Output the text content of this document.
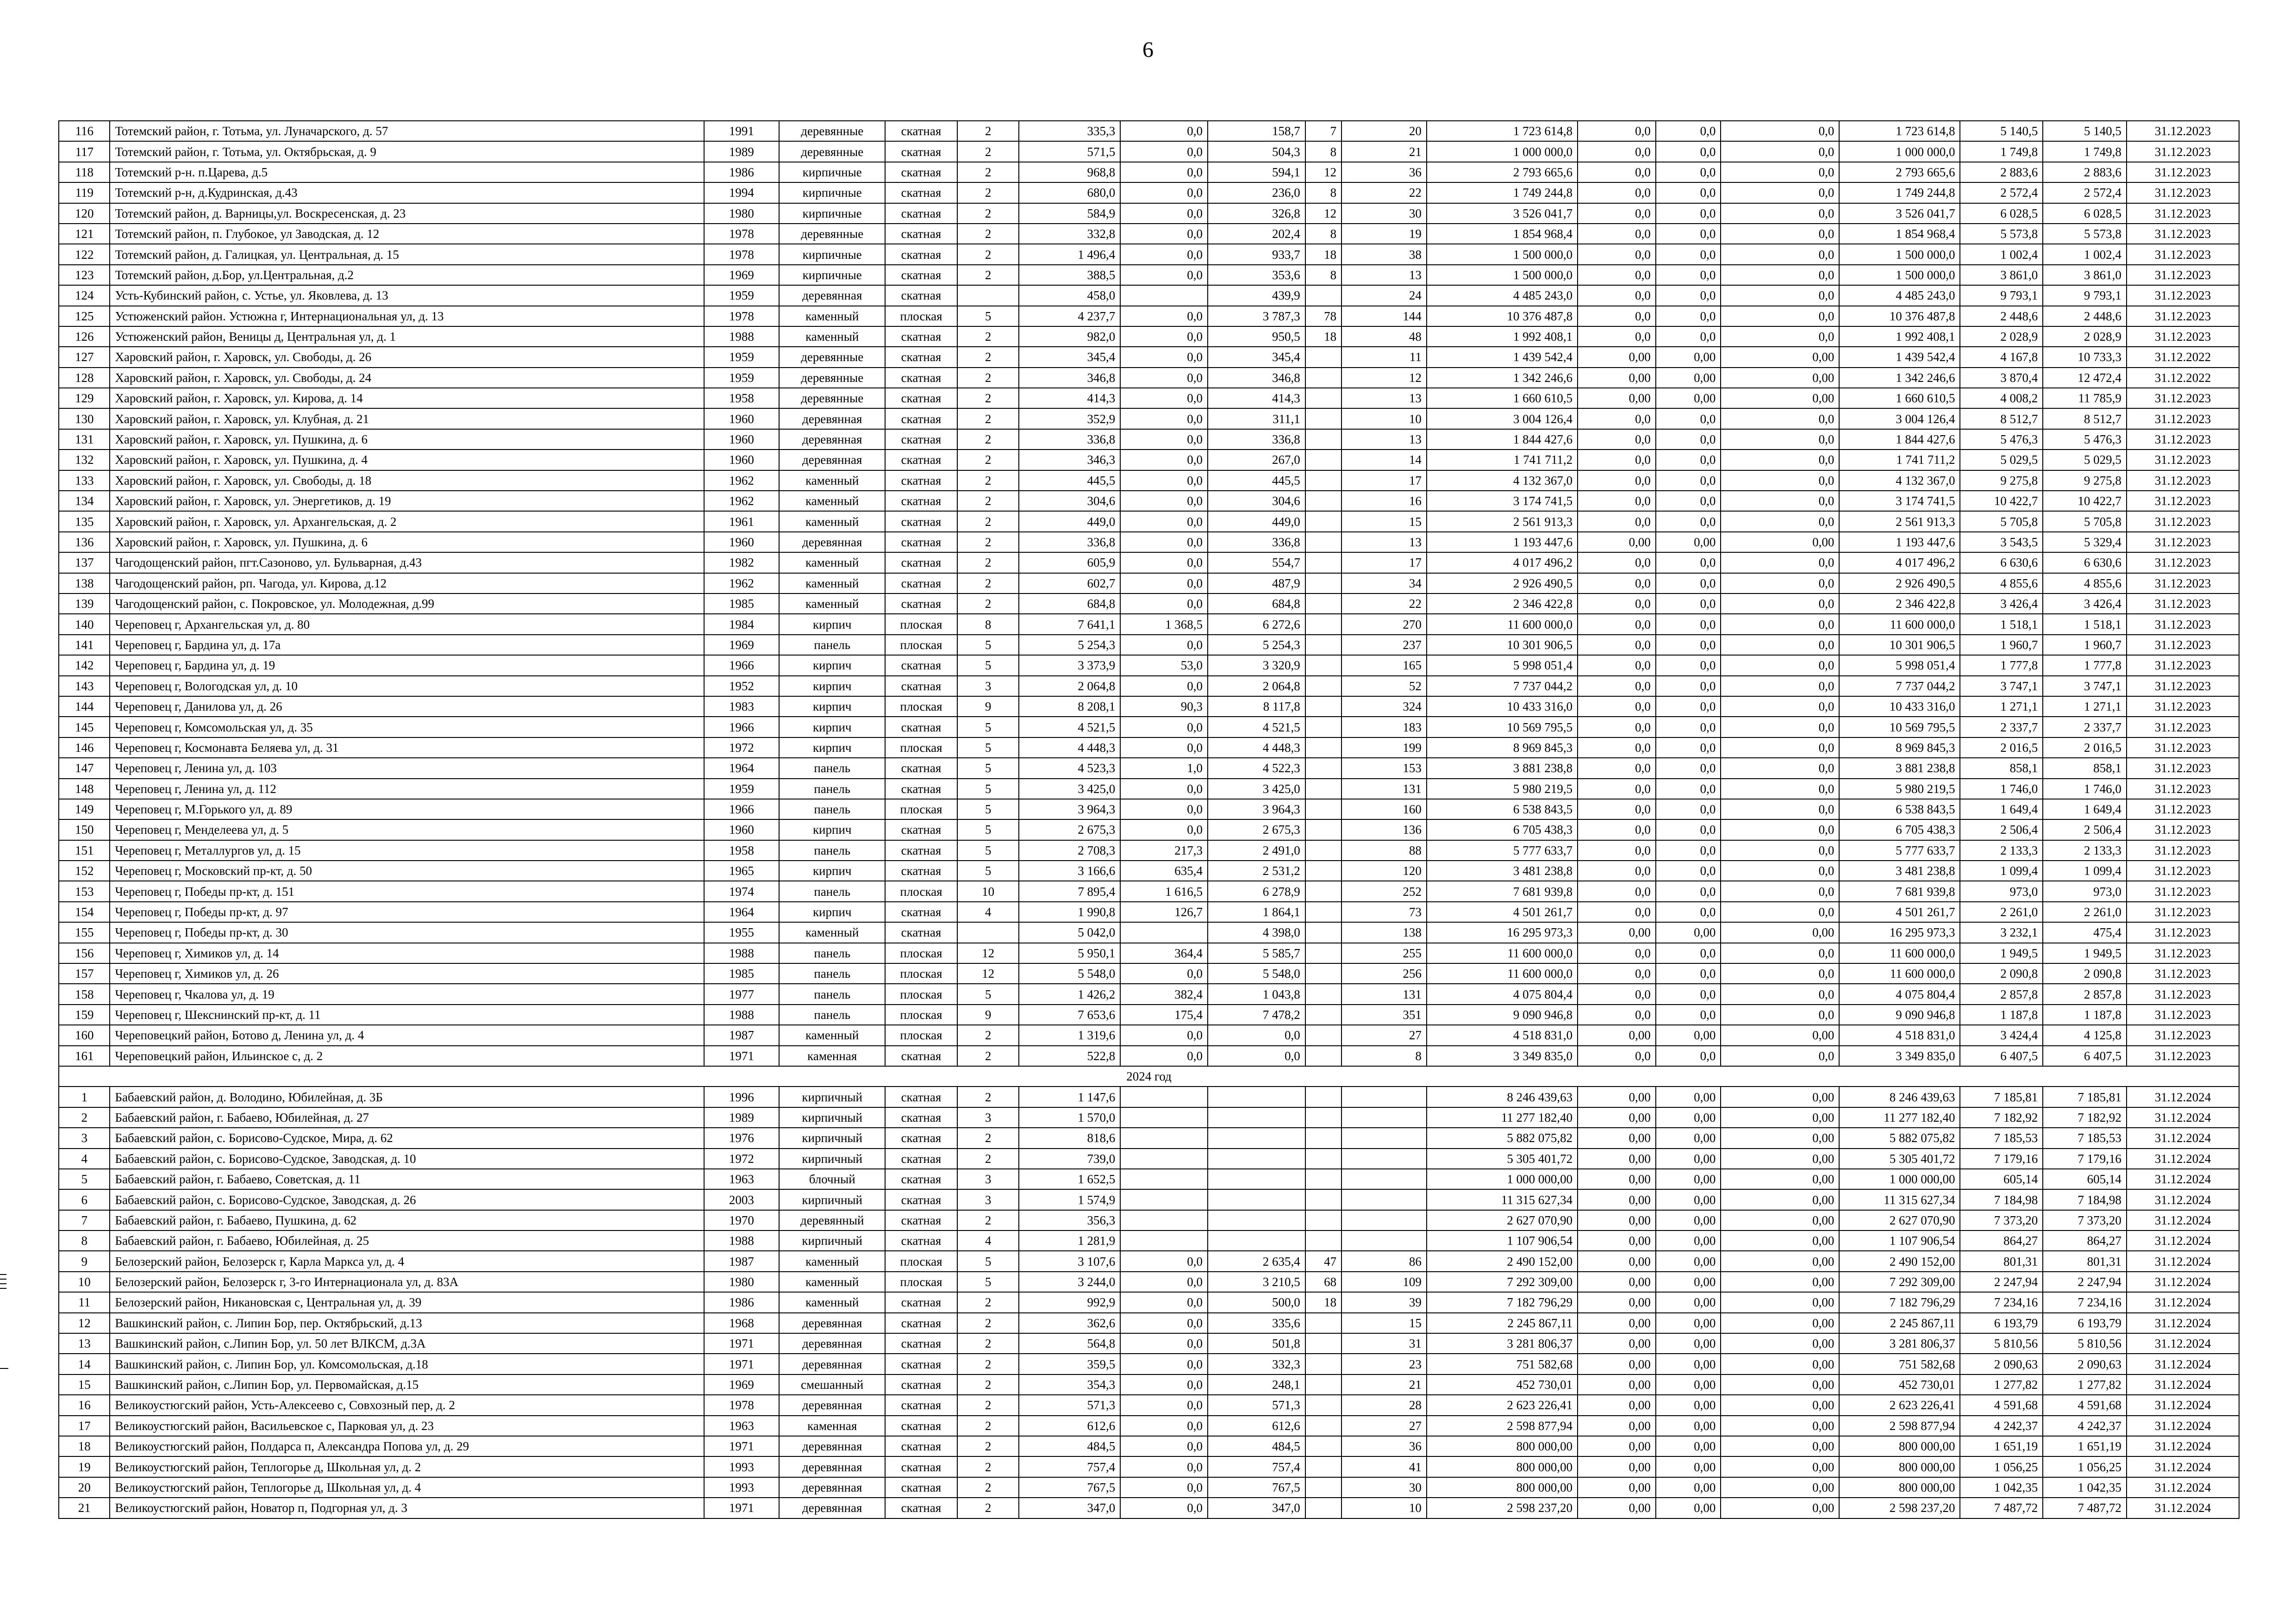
6
116	Тотемский район, г. Тотьма, ул. Луначарского, д. 57	1991	деревянные	скатная	2	335,3	0,0	158,7	7	20	1 723 614,8	0,0	0,0	0,0	1 723 614,8	5 140,5	5 140,5	31.12.2023
117	Тотемский район, г. Тотьма, ул. Октябрьская, д. 9	1989	деревянные	скатная	2	571,5	0,0	504,3	8	21	1 000 000,0	0,0	0,0	0,0	1 000 000,0	1 749,8	1 749,8	31.12.2023
118	Тотемский р-н. п.Царева, д.5	1986	кирпичные	скатная	2	968,8	0,0	594,1	12	36	2 793 665,6	0,0	0,0	0,0	2 793 665,6	2 883,6	2 883,6	31.12.2023
119	Тотемский р-н, д.Кудринская, д.43	1994	кирпичные	скатная	2	680,0	0,0	236,0	8	22	1 749 244,8	0,0	0,0	0,0	1 749 244,8	2 572,4	2 572,4	31.12.2023
120	Тотемский район, д. Варницы,ул. Воскресенская, д. 23	1980	кирпичные	скатная	2	584,9	0,0	326,8	12	30	3 526 041,7	0,0	0,0	0,0	3 526 041,7	6 028,5	6 028,5	31.12.2023
121	Тотемский район, п. Глубокое, ул Заводская, д. 12	1978	деревянные	скатная	2	332,8	0,0	202,4	8	19	1 854 968,4	0,0	0,0	0,0	1 854 968,4	5 573,8	5 573,8	31.12.2023
122	Тотемский район, д. Галицкая, ул. Центральная, д. 15	1978	кирпичные	скатная	2	1 496,4	0,0	933,7	18	38	1 500 000,0	0,0	0,0	0,0	1 500 000,0	1 002,4	1 002,4	31.12.2023
123	Тотемский район, д.Бор, ул.Центральная, д.2	1969	кирпичные	скатная	2	388,5	0,0	353,6	8	13	1 500 000,0	0,0	0,0	0,0	1 500 000,0	3 861,0	3 861,0	31.12.2023
124	Усть-Кубинский район, с. Устье, ул. Яковлева, д. 13	1959	деревянная	скатная		458,0		439,9		24	4 485 243,0	0,0	0,0	0,0	4 485 243,0	9 793,1	9 793,1	31.12.2023
125	Устюженский район. Устюжна г, Интернациональная ул, д. 13	1978	каменный	плоская	5	4 237,7	0,0	3 787,3	78	144	10 376 487,8	0,0	0,0	0,0	10 376 487,8	2 448,6	2 448,6	31.12.2023
126	Устюженский район, Веницы д, Центральная ул, д. 1	1988	каменный	скатная	2	982,0	0,0	950,5	18	48	1 992 408,1	0,0	0,0	0,0	1 992 408,1	2 028,9	2 028,9	31.12.2023
127	Харовский район, г. Харовск, ул. Свободы, д. 26	1959	деревянные	скатная	2	345,4	0,0	345,4		11	1 439 542,4	0,00	0,00	0,00	1 439 542,4	4 167,8	10 733,3	31.12.2022
128	Харовский район, г. Харовск, ул. Свободы, д. 24	1959	деревянные	скатная	2	346,8	0,0	346,8		12	1 342 246,6	0,00	0,00	0,00	1 342 246,6	3 870,4	12 472,4	31.12.2022
129	Харовский район, г. Харовск, ул. Кирова, д. 14	1958	деревянные	скатная	2	414,3	0,0	414,3		13	1 660 610,5	0,00	0,00	0,00	1 660 610,5	4 008,2	11 785,9	31.12.2023
130	Харовский район, г. Харовск, ул. Клубная, д. 21	1960	деревянная	скатная	2	352,9	0,0	311,1		10	3 004 126,4	0,0	0,0	0,0	3 004 126,4	8 512,7	8 512,7	31.12.2023
131	Харовский район, г. Харовск, ул. Пушкина, д. 6	1960	деревянная	скатная	2	336,8	0,0	336,8		13	1 844 427,6	0,0	0,0	0,0	1 844 427,6	5 476,3	5 476,3	31.12.2023
132	Харовский район, г. Харовск, ул. Пушкина, д. 4	1960	деревянная	скатная	2	346,3	0,0	267,0		14	1 741 711,2	0,0	0,0	0,0	1 741 711,2	5 029,5	5 029,5	31.12.2023
133	Харовский район, г. Харовск, ул. Свободы, д. 18	1962	каменный	скатная	2	445,5	0,0	445,5		17	4 132 367,0	0,0	0,0	0,0	4 132 367,0	9 275,8	9 275,8	31.12.2023
134	Харовский район, г. Харовск, ул. Энергетиков, д. 19	1962	каменный	скатная	2	304,6	0,0	304,6		16	3 174 741,5	0,0	0,0	0,0	3 174 741,5	10 422,7	10 422,7	31.12.2023
135	Харовский район, г. Харовск, ул. Архангельская, д. 2	1961	каменный	скатная	2	449,0	0,0	449,0		15	2 561 913,3	0,0	0,0	0,0	2 561 913,3	5 705,8	5 705,8	31.12.2023
136	Харовский район, г. Харовск, ул. Пушкина, д. 6	1960	деревянная	скатная	2	336,8	0,0	336,8		13	1 193 447,6	0,00	0,00	0,00	1 193 447,6	3 543,5	5 329,4	31.12.2023
137	Чагодощенский район, пгт.Сазоново, ул. Бульварная, д.43	1982	каменный	скатная	2	605,9	0,0	554,7		17	4 017 496,2	0,0	0,0	0,0	4 017 496,2	6 630,6	6 630,6	31.12.2023
138	Чагодощенский район, рп. Чагода, ул. Кирова, д.12	1962	каменный	скатная	2	602,7	0,0	487,9		34	2 926 490,5	0,0	0,0	0,0	2 926 490,5	4 855,6	4 855,6	31.12.2023
139	Чагодощенский район, с. Покровское, ул. Молодежная, д.99	1985	каменный	скатная	2	684,8	0,0	684,8		22	2 346 422,8	0,0	0,0	0,0	2 346 422,8	3 426,4	3 426,4	31.12.2023
140	Череповец г, Архангельская ул, д. 80	1984	кирпич	плоская	8	7 641,1	1 368,5	6 272,6		270	11 600 000,0	0,0	0,0	0,0	11 600 000,0	1 518,1	1 518,1	31.12.2023
141	Череповец г, Бардина ул, д. 17а	1969	панель	плоская	5	5 254,3	0,0	5 254,3		237	10 301 906,5	0,0	0,0	0,0	10 301 906,5	1 960,7	1 960,7	31.12.2023
142	Череповец г, Бардина ул, д. 19	1966	кирпич	скатная	5	3 373,9	53,0	3 320,9		165	5 998 051,4	0,0	0,0	0,0	5 998 051,4	1 777,8	1 777,8	31.12.2023
143	Череповец г, Вологодская ул, д. 10	1952	кирпич	скатная	3	2 064,8	0,0	2 064,8		52	7 737 044,2	0,0	0,0	0,0	7 737 044,2	3 747,1	3 747,1	31.12.2023
144	Череповец г, Данилова ул, д. 26	1983	кирпич	плоская	9	8 208,1	90,3	8 117,8		324	10 433 316,0	0,0	0,0	0,0	10 433 316,0	1 271,1	1 271,1	31.12.2023
145	Череповец г, Комсомольская ул, д. 35	1966	кирпич	скатная	5	4 521,5	0,0	4 521,5		183	10 569 795,5	0,0	0,0	0,0	10 569 795,5	2 337,7	2 337,7	31.12.2023
146	Череповец г, Космонавта Беляева ул, д. 31	1972	кирпич	плоская	5	4 448,3	0,0	4 448,3		199	8 969 845,3	0,0	0,0	0,0	8 969 845,3	2 016,5	2 016,5	31.12.2023
147	Череповец г, Ленина ул, д. 103	1964	панель	скатная	5	4 523,3	1,0	4 522,3		153	3 881 238,8	0,0	0,0	0,0	3 881 238,8	858,1	858,1	31.12.2023
148	Череповец г, Ленина ул, д. 112	1959	панель	скатная	5	3 425,0	0,0	3 425,0		131	5 980 219,5	0,0	0,0	0,0	5 980 219,5	1 746,0	1 746,0	31.12.2023
149	Череповец г, М.Горького ул, д. 89	1966	панель	плоская	5	3 964,3	0,0	3 964,3		160	6 538 843,5	0,0	0,0	0,0	6 538 843,5	1 649,4	1 649,4	31.12.2023
150	Череповец г, Менделеева ул, д. 5	1960	кирпич	скатная	5	2 675,3	0,0	2 675,3		136	6 705 438,3	0,0	0,0	0,0	6 705 438,3	2 506,4	2 506,4	31.12.2023
151	Череповец г, Металлургов ул, д. 15	1958	панель	скатная	5	2 708,3	217,3	2 491,0		88	5 777 633,7	0,0	0,0	0,0	5 777 633,7	2 133,3	2 133,3	31.12.2023
152	Череповец г, Московский пр-кт, д. 50	1965	кирпич	скатная	5	3 166,6	635,4	2 531,2		120	3 481 238,8	0,0	0,0	0,0	3 481 238,8	1 099,4	1 099,4	31.12.2023
153	Череповец г, Победы пр-кт, д. 151	1974	панель	плоская	10	7 895,4	1 616,5	6 278,9		252	7 681 939,8	0,0	0,0	0,0	7 681 939,8	973,0	973,0	31.12.2023
154	Череповец г, Победы пр-кт, д. 97	1964	кирпич	скатная	4	1 990,8	126,7	1 864,1		73	4 501 261,7	0,0	0,0	0,0	4 501 261,7	2 261,0	2 261,0	31.12.2023
155	Череповец г, Победы пр-кт, д. 30	1955	каменный	скатная		5 042,0		4 398,0		138	16 295 973,3	0,00	0,00	0,00	16 295 973,3	3 232,1	475,4	31.12.2023
156	Череповец г, Химиков ул, д. 14	1988	панель	плоская	12	5 950,1	364,4	5 585,7		255	11 600 000,0	0,0	0,0	0,0	11 600 000,0	1 949,5	1 949,5	31.12.2023
157	Череповец г, Химиков ул, д. 26	1985	панель	плоская	12	5 548,0	0,0	5 548,0		256	11 600 000,0	0,0	0,0	0,0	11 600 000,0	2 090,8	2 090,8	31.12.2023
158	Череповец г, Чкалова ул, д. 19	1977	панель	плоская	5	1 426,2	382,4	1 043,8		131	4 075 804,4	0,0	0,0	0,0	4 075 804,4	2 857,8	2 857,8	31.12.2023
159	Череповец г, Шекснинский пр-кт, д. 11	1988	панель	плоская	9	7 653,6	175,4	7 478,2		351	9 090 946,8	0,0	0,0	0,0	9 090 946,8	1 187,8	1 187,8	31.12.2023
160	Череповецкий район, Ботово д, Ленина ул, д. 4	1987	каменный	плоская	2	1 319,6	0,0	0,0		27	4 518 831,0	0,00	0,00	0,00	4 518 831,0	3 424,4	4 125,8	31.12.2023
161	Череповецкий район, Ильинское с, д. 2	1971	каменная	скатная	2	522,8	0,0	0,0		8	3 349 835,0	0,0	0,0	0,0	3 349 835,0	6 407,5	6 407,5	31.12.2023
2024 год																		
1	Бабаевский район, д. Володино, Юбилейная, д. 3Б	1996	кирпичный	скатная	2	1 147,6					8 246 439,63	0,00	0,00	0,00	8 246 439,63	7 185,81	7 185,81	31.12.2024
2	Бабаевский район, г. Бабаево, Юбилейная, д. 27	1989	кирпичный	скатная	3	1 570,0					11 277 182,40	0,00	0,00	0,00	11 277 182,40	7 182,92	7 182,92	31.12.2024
3	Бабаевский район, с. Борисово-Судское, Мира, д. 62	1976	кирпичный	скатная	2	818,6					5 882 075,82	0,00	0,00	0,00	5 882 075,82	7 185,53	7 185,53	31.12.2024
4	Бабаевский район, с. Борисово-Судское, Заводская, д. 10	1972	кирпичный	скатная	2	739,0					5 305 401,72	0,00	0,00	0,00	5 305 401,72	7 179,16	7 179,16	31.12.2024
5	Бабаевский район, г. Бабаево, Советская, д. 11	1963	блочный	скатная	3	1 652,5					1 000 000,00	0,00	0,00	0,00	1 000 000,00	605,14	605,14	31.12.2024
6	Бабаевский район, с. Борисово-Судское, Заводская, д. 26	2003	кирпичный	скатная	3	1 574,9					11 315 627,34	0,00	0,00	0,00	11 315 627,34	7 184,98	7 184,98	31.12.2024
7	Бабаевский район, г. Бабаево, Пушкина, д. 62	1970	деревянный	скатная	2	356,3					2 627 070,90	0,00	0,00	0,00	2 627 070,90	7 373,20	7 373,20	31.12.2024
8	Бабаевский район, г. Бабаево, Юбилейная, д. 25	1988	кирпичный	скатная	4	1 281,9					1 107 906,54	0,00	0,00	0,00	1 107 906,54	864,27	864,27	31.12.2024
9	Белозерский район, Белозерск г, Карла Маркса ул, д. 4	1987	каменный	плоская	5	3 107,6	0,0	2 635,4	47	86	2 490 152,00	0,00	0,00	0,00	2 490 152,00	801,31	801,31	31.12.2024
10	Белозерский район, Белозерск г, 3-го Интернационала ул, д. 83А	1980	каменный	плоская	5	3 244,0	0,0	3 210,5	68	109	7 292 309,00	0,00	0,00	0,00	7 292 309,00	2 247,94	2 247,94	31.12.2024
11	Белозерский район, Никановская с, Центральная ул, д. 39	1986	каменный	скатная	2	992,9	0,0	500,0	18	39	7 182 796,29	0,00	0,00	0,00	7 182 796,29	7 234,16	7 234,16	31.12.2024
12	Вашкинский район, с. Липин Бор, пер. Октябрьский, д.13	1968	деревянная	скатная	2	362,6	0,0	335,6		15	2 245 867,11	0,00	0,00	0,00	2 245 867,11	6 193,79	6 193,79	31.12.2024
13	Вашкинский район, с.Липин Бор, ул. 50 лет ВЛКСМ, д.3А	1971	деревянная	скатная	2	564,8	0,0	501,8		31	3 281 806,37	0,00	0,00	0,00	3 281 806,37	5 810,56	5 810,56	31.12.2024
14	Вашкинский район, с. Липин Бор, ул. Комсомольская, д.18	1971	деревянная	скатная	2	359,5	0,0	332,3		23	751 582,68	0,00	0,00	0,00	751 582,68	2 090,63	2 090,63	31.12.2024
15	Вашкинский район, с.Липин Бор, ул. Первомайская, д.15	1969	смешанный	скатная	2	354,3	0,0	248,1		21	452 730,01	0,00	0,00	0,00	452 730,01	1 277,82	1 277,82	31.12.2024
16	Великоустюгский район, Усть-Алексеево с, Совхозный пер, д. 2	1978	деревянная	скатная	2	571,3	0,0	571,3		28	2 623 226,41	0,00	0,00	0,00	2 623 226,41	4 591,68	4 591,68	31.12.2024
17	Великоустюгский район, Васильевское с, Парковая ул, д. 23	1963	каменная	скатная	2	612,6	0,0	612,6		27	2 598 877,94	0,00	0,00	0,00	2 598 877,94	4 242,37	4 242,37	31.12.2024
18	Великоустюгский район, Полдарса п, Александра Попова ул, д. 29	1971	деревянная	скатная	2	484,5	0,0	484,5		36	800 000,00	0,00	0,00	0,00	800 000,00	1 651,19	1 651,19	31.12.2024
19	Великоустюгский район, Теплогорье д, Школьная ул, д. 2	1993	деревянная	скатная	2	757,4	0,0	757,4		41	800 000,00	0,00	0,00	0,00	800 000,00	1 056,25	1 056,25	31.12.2024
20	Великоустюгский район, Теплогорье д, Школьная ул, д. 4	1993	деревянная	скатная	2	767,5	0,0	767,5		30	800 000,00	0,00	0,00	0,00	800 000,00	1 042,35	1 042,35	31.12.2024
21	Великоустюгский район, Новатор п, Подгорная ул, д. 3	1971	деревянная	скатная	2	347,0	0,0	347,0		10	2 598 237,20	0,00	0,00	0,00	2 598 237,20	7 487,72	7 487,72	31.12.2024
